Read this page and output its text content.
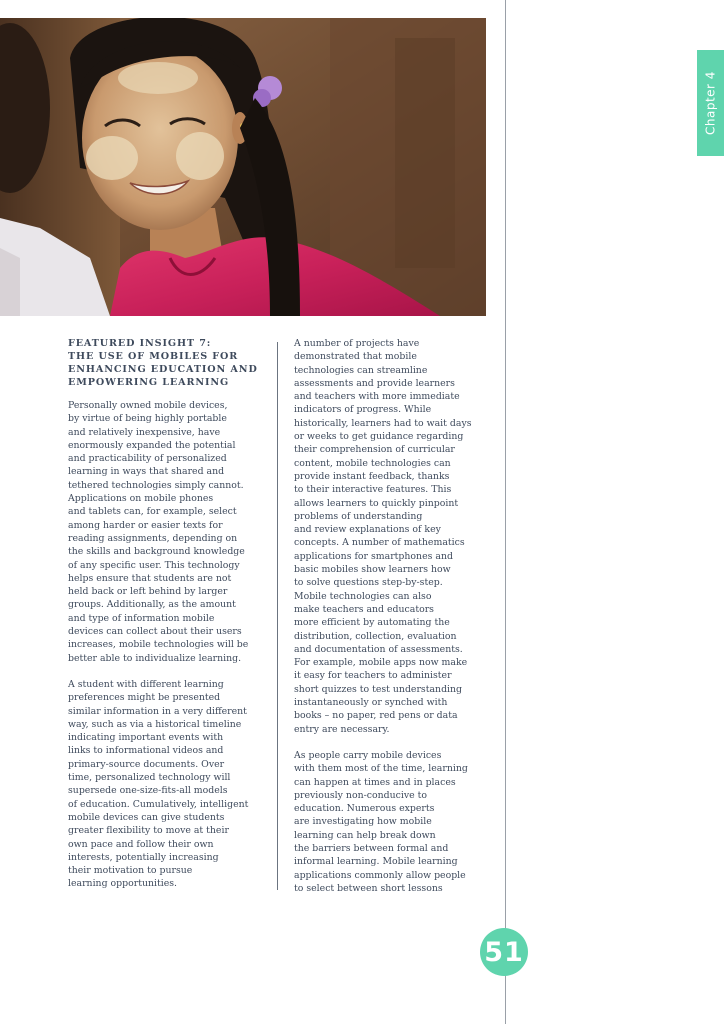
Chapter 4
FEATURED INSIGHT 7:
THE USE OF MOBILES FOR
ENHANCING EDUCATION AND
EMPOWERING LEARNING
Personally owned mobile devices,
by virtue of being highly portable
and relatively inexpensive, have
enormously expanded the potential
and practicability of personalized
learning in ways that shared and
tethered technologies simply cannot.
Applications on mobile phones
and tablets can, for example, select
among harder or easier texts for
reading assignments, depending on
the skills and background knowledge
of any specific user. This technology
helps ensure that students are not
held back or left behind by larger
groups. Additionally, as the amount
and type of information mobile
devices can collect about their users
increases, mobile technologies will be
better able to individualize learning.
A student with different learning
preferences might be presented
similar information in a very different
way, such as via a historical timeline
indicating important events with
links to informational videos and
primary-source documents. Over
time, personalized technology will
supersede one-size-fits-all models
of education. Cumulatively, intelligent
mobile devices can give students
greater flexibility to move at their
own pace and follow their own
interests, potentially increasing
their motivation to pursue
learning opportunities.
A number of projects have
demonstrated that mobile
technologies can streamline
assessments and provide learners
and teachers with more immediate
indicators of progress. While
historically, learners had to wait days
or weeks to get guidance regarding
their comprehension of curricular
content, mobile technologies can
provide instant feedback, thanks
to their interactive features. This
allows learners to quickly pinpoint
problems of understanding
and review explanations of key
concepts. A number of mathematics
applications for smartphones and
basic mobiles show learners how
to solve questions step-by-step.
Mobile technologies can also
make teachers and educators
more efficient by automating the
distribution, collection, evaluation
and documentation of assessments.
For example, mobile apps now make
it easy for teachers to administer
short quizzes to test understanding
instantaneously or synched with
books – no paper, red pens or data
entry are necessary.
As people carry mobile devices
with them most of the time, learning
can happen at times and in places
previously non-conducive to
education. Numerous experts
are investigating how mobile
learning can help break down
the barriers between formal and
informal learning. Mobile learning
applications commonly allow people
to select between short lessons
51
